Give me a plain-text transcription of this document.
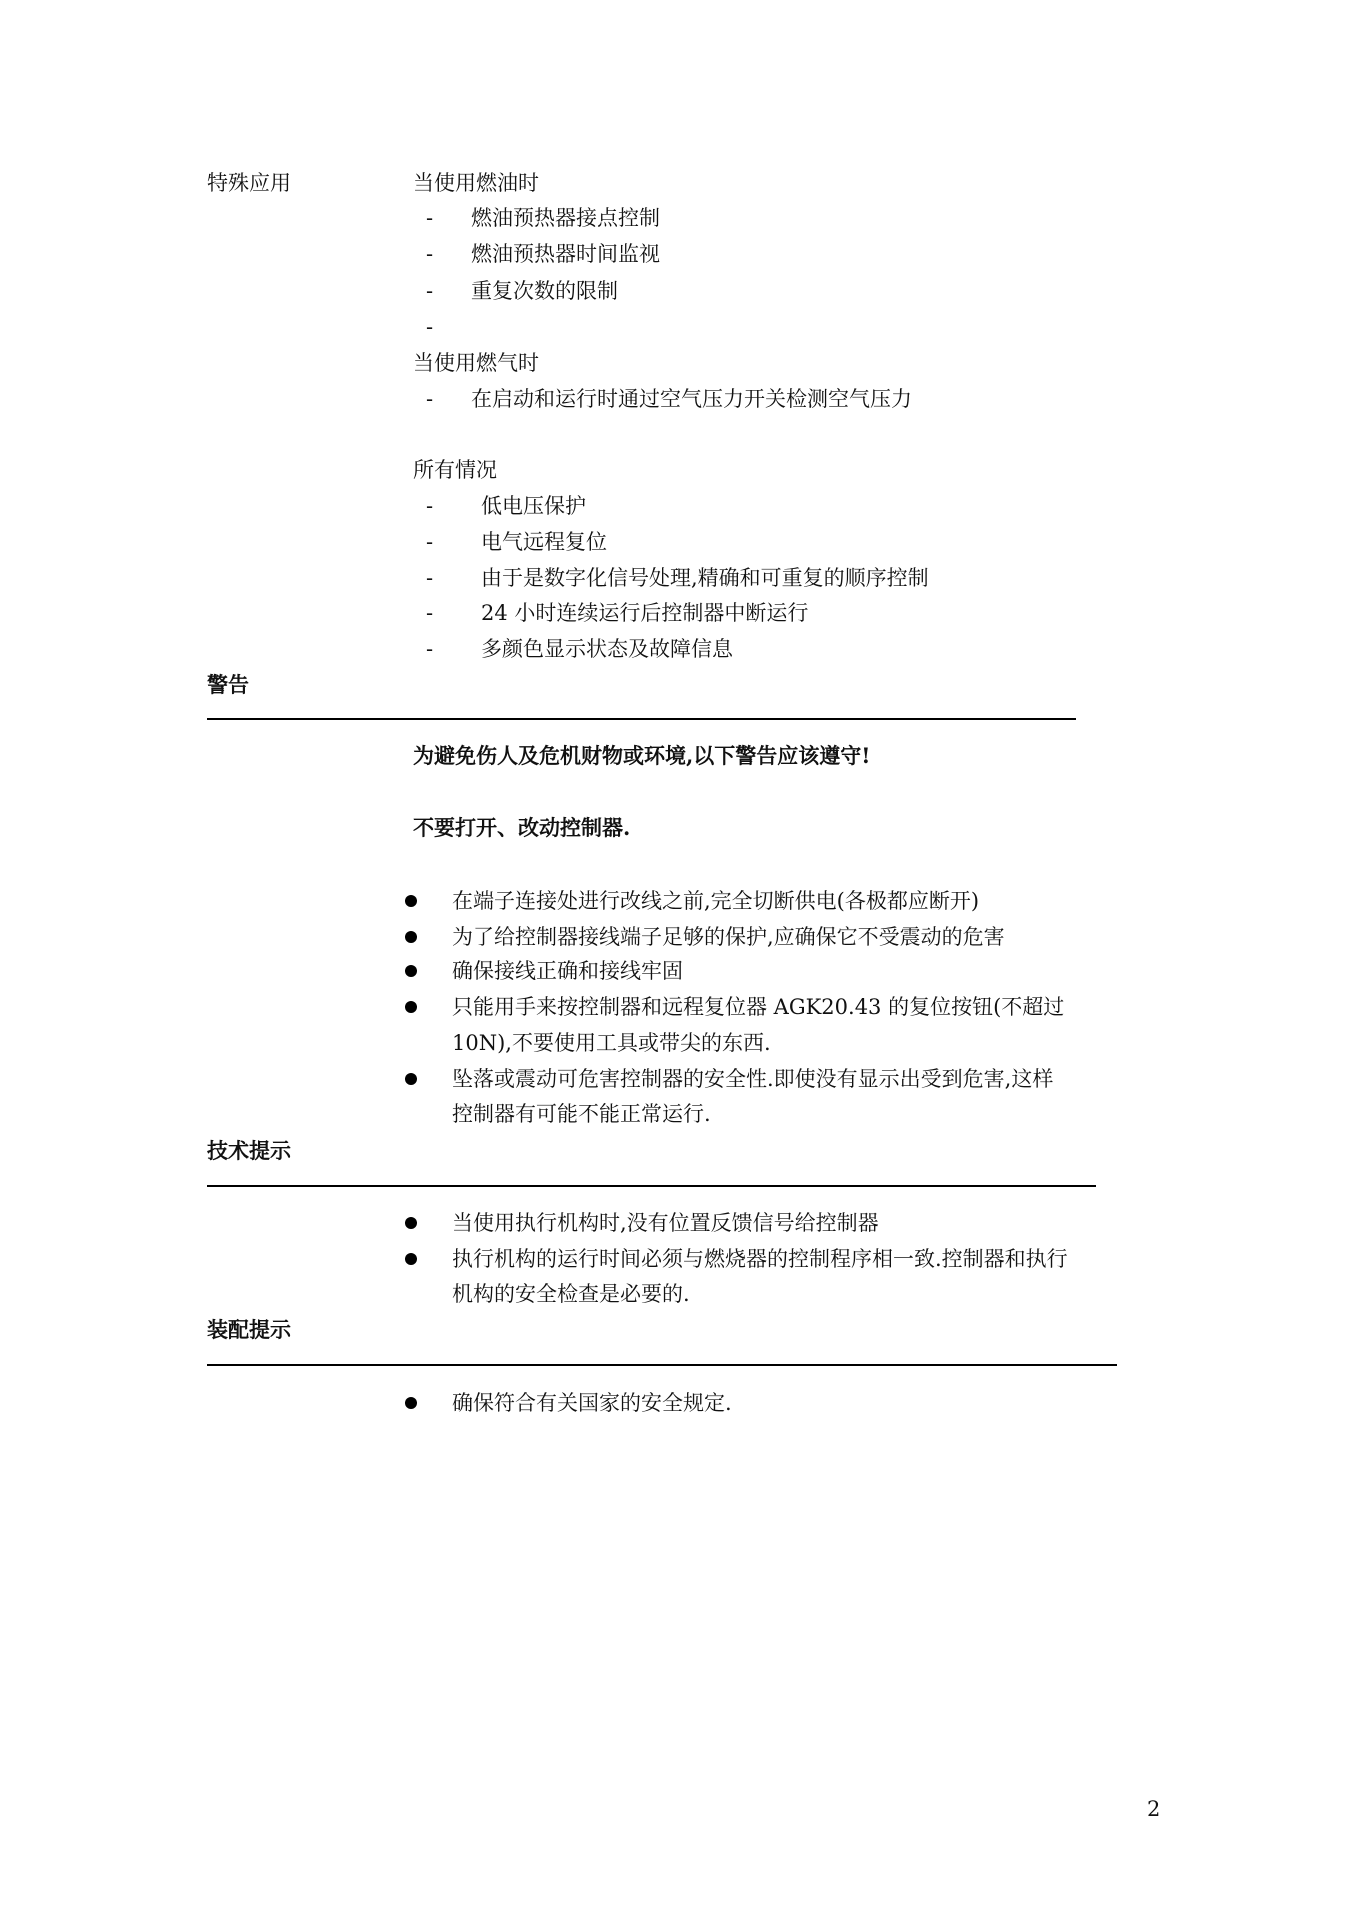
特殊应用	当使用燃油时
- 燃油预热器接点控制
- 燃油预热器时间监视
- 重复次数的限制
-
当使用燃气时
- 在启动和运行时通过空气压力开关检测空气压力
所有情况
- 低电压保护
- 电气远程复位
- 由于是数字化信号处理,精确和可重复的顺序控制
- 24 小时连续运行后控制器中断运行
- 多颜色显示状态及故障信息
警告
为避免伤人及危机财物或环境,以下警告应该遵守!
不要打开、改动控制器.
在端子连接处进行改线之前,完全切断供电(各极都应断开)
为了给控制器接线端子足够的保护,应确保它不受震动的危害
确保接线正确和接线牢固
只能用手来按控制器和远程复位器 AGK20.43 的复位按钮(不超过
10N),不要使用工具或带尖的东西.
坠落或震动可危害控制器的安全性.即使没有显示出受到危害,这样
控制器有可能不能正常运行.
技术提示
当使用执行机构时,没有位置反馈信号给控制器
执行机构的运行时间必须与燃烧器的控制程序相一致.控制器和执行
机构的安全检查是必要的.
装配提示
确保符合有关国家的安全规定.
2
